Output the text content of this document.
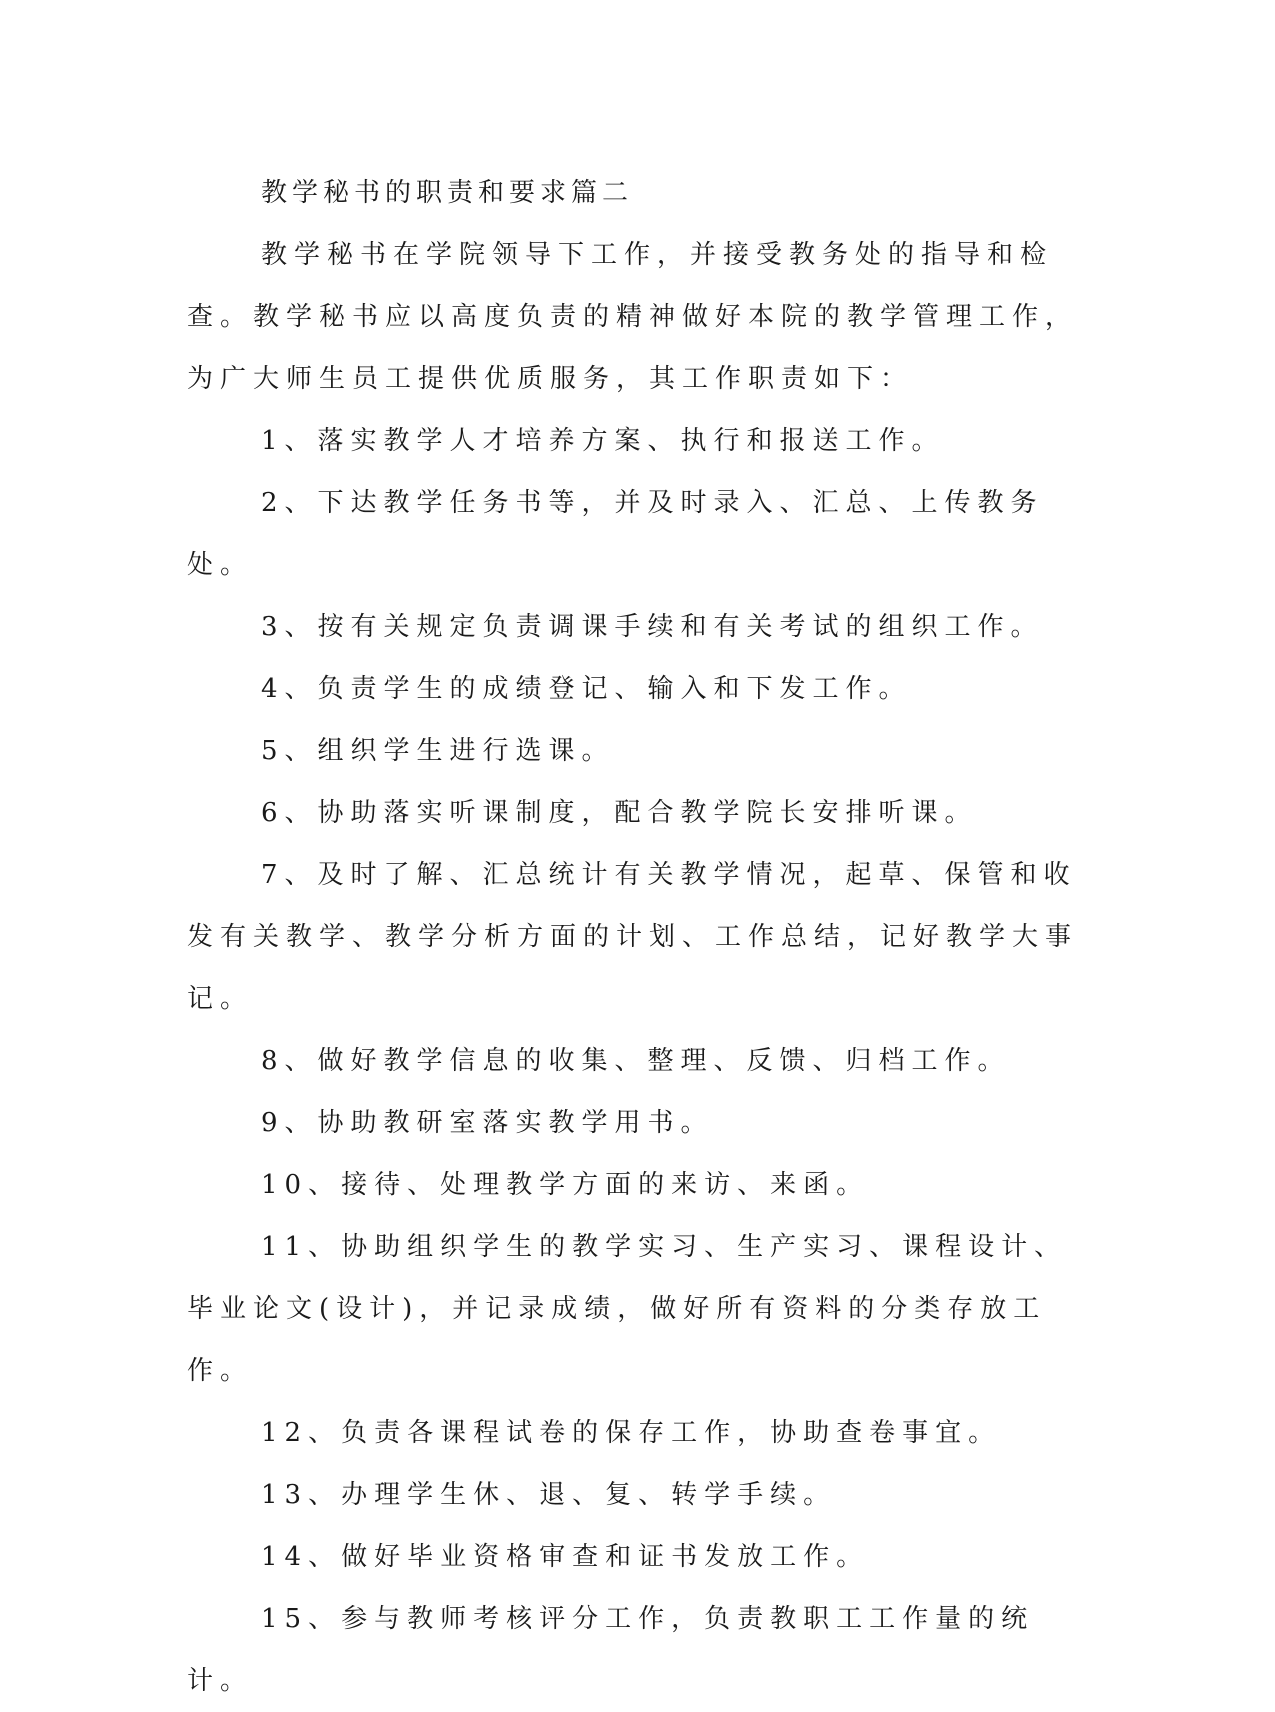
教学秘书的职责和要求篇二

教学秘书在学院领导下工作，并接受教务处的指导和检查。教学秘书应以高度负责的精神做好本院的教学管理工作，为广大师生员工提供优质服务，其工作职责如下：

1、落实教学人才培养方案、执行和报送工作。

2、下达教学任务书等，并及时录入、汇总、上传教务处。

3、按有关规定负责调课手续和有关考试的组织工作。

4、负责学生的成绩登记、输入和下发工作。

5、组织学生进行选课。

6、协助落实听课制度，配合教学院长安排听课。

7、及时了解、汇总统计有关教学情况，起草、保管和收发有关教学、教学分析方面的计划、工作总结，记好教学大事记。

8、做好教学信息的收集、整理、反馈、归档工作。

9、协助教研室落实教学用书。

10、接待、处理教学方面的来访、来函。

11、协助组织学生的教学实习、生产实习、课程设计、毕业论文(设计)，并记录成绩，做好所有资料的分类存放工作。

12、负责各课程试卷的保存工作，协助查卷事宜。

13、办理学生休、退、复、转学手续。

14、做好毕业资格审查和证书发放工作。

15、参与教师考核评分工作，负责教职工工作量的统计。
